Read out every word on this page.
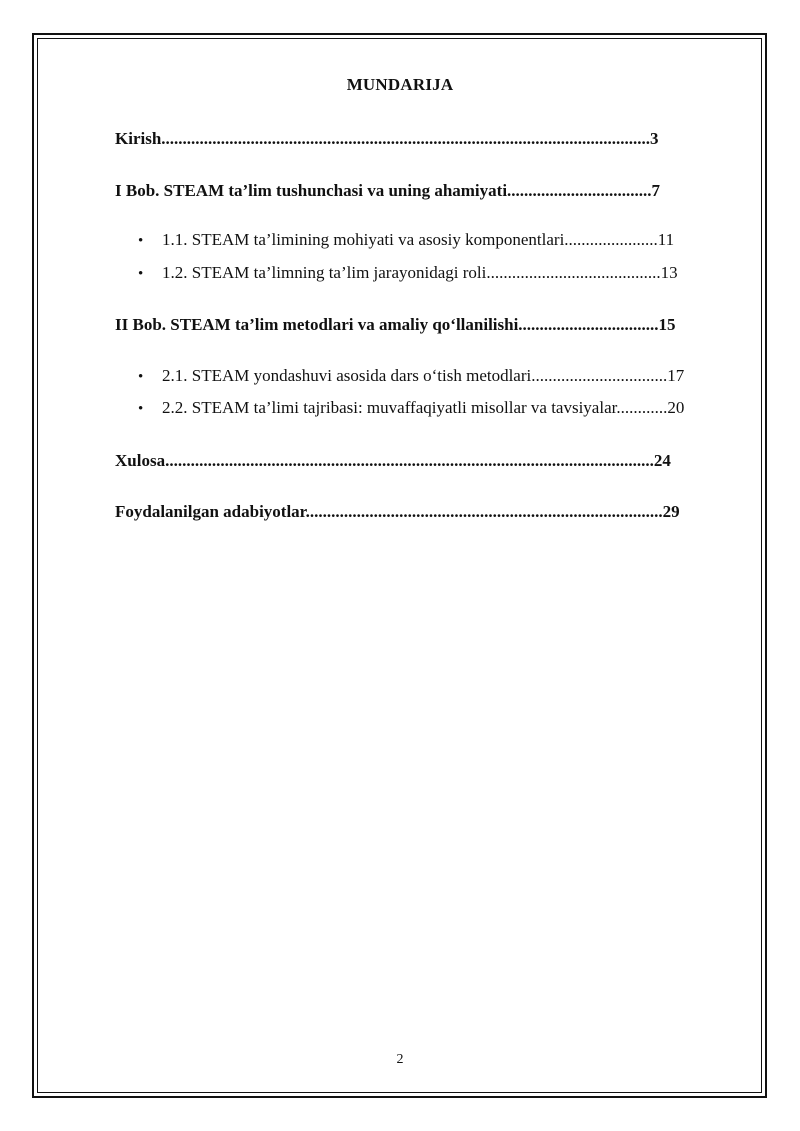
MUNDARIJA
Kirish...................................................................................................................3
I Bob. STEAM ta’lim tushunchasi va uning ahamiyati..................................7
• 1.1. STEAM ta’limining mohiyati va asosiy komponentlari......................11
• 1.2. STEAM ta’limning ta’lim jarayonidagi roli.........................................13
II Bob. STEAM ta’lim metodlari va amaliy qo‘llanilishi.................................15
• 2.1. STEAM yondashuvi asosida dars o‘tish metodlari................................17
• 2.2. STEAM ta’limi tajribasi: muvaffaqiyatli misollar va tavsiyalar............20
Xulosa...................................................................................................................24
Foydalanilgan adabiyotlar....................................................................................29
2
